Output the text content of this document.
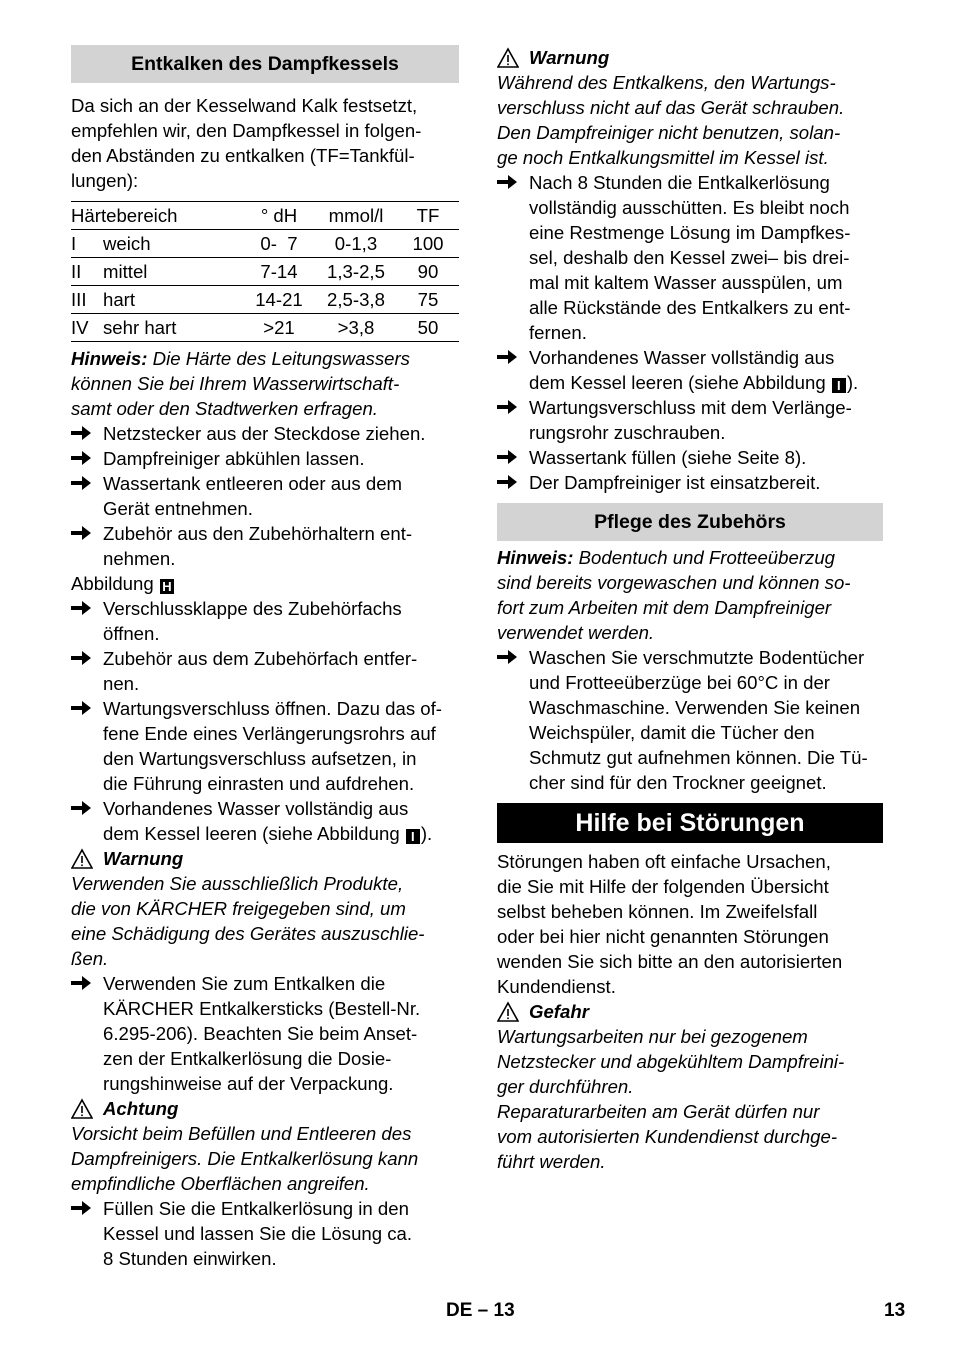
Entkalken des Dampfkessels

Da sich an der Kesselwand Kalk festsetzt,
empfehlen wir, den Dampfkessel in folgen-
den Abständen zu entkalken (TF=Tankfül-
lungen):

Härtebereich		° dH	mmol/l	TF
I	weich	0-  7	0-1,3	100
II	mittel	7-14	1,3-2,5	90
III	hart	14-21	2,5-3,8	75
IV	sehr hart	>21	>3,8	50

Hinweis: Die Härte des Leitungswassers
können Sie bei Ihrem Wasserwirtschaft-
samt oder den Stadtwerken erfragen.

Netzstecker aus der Steckdose ziehen.
Dampfreiniger abkühlen lassen.
Wassertank entleeren oder aus dem
Gerät entnehmen.
Zubehör aus den Zubehörhaltern ent-
nehmen.

Abbildung H

Verschlussklappe des Zubehörfachs
öffnen.
Zubehör aus dem Zubehörfach entfer-
nen.
Wartungsverschluss öffnen. Dazu das of-
fene Ende eines Verlängerungsrohrs auf
den Wartungsverschluss aufsetzen, in
die Führung einrasten und aufdrehen.
Vorhandenes Wasser vollständig aus
dem Kessel leeren (siehe Abbildung I ).
Warnung

Verwenden Sie ausschließlich Produkte,
die von KÄRCHER freigegeben sind, um
eine Schädigung des Gerätes auszuschlie-
ßen.

Verwenden Sie zum Entkalken die
KÄRCHER Entkalkersticks (Bestell-Nr.
6.295-206). Beachten Sie beim Anset-
zen der Entkalkerlösung die Dosie-
rungshinweise auf der Verpackung.
Achtung

Vorsicht beim Befüllen und Entleeren des
Dampfreinigers. Die Entkalkerlösung kann
empfindliche Oberflächen angreifen.

Füllen Sie die Entkalkerlösung in den
Kessel und lassen Sie die Lösung ca.
8 Stunden einwirken.
Warnung

Während des Entkalkens, den Wartungs-
verschluss nicht auf das Gerät schrauben.
Den Dampfreiniger nicht benutzen, solan-
ge noch Entkalkungsmittel im Kessel ist.

Nach 8 Stunden die Entkalkerlösung
vollständig ausschütten. Es bleibt noch
eine Restmenge Lösung im Dampfkes-
sel, deshalb den Kessel zwei– bis drei-
mal mit kaltem Wasser ausspülen, um
alle Rückstände des Entkalkers zu ent-
fernen.
Vorhandenes Wasser vollständig aus
dem Kessel leeren (siehe Abbildung I ).
Wartungsverschluss mit dem Verlänge-
rungsrohr zuschrauben.
Wassertank füllen (siehe Seite 8).
Der Dampfreiniger ist einsatzbereit.
Pflege des Zubehörs

Hinweis: Bodentuch und Frotteeüberzug
sind bereits vorgewaschen und können so-
fort zum Arbeiten mit dem Dampfreiniger
verwendet werden.

Waschen Sie verschmutzte Bodentücher
und Frotteeüberzüge bei 60°C in der
Waschmaschine. Verwenden Sie keinen
Weichspüler, damit die Tücher den
Schmutz gut aufnehmen können. Die Tü-
cher sind für den Trockner geeignet.
Hilfe bei Störungen

Störungen haben oft einfache Ursachen,
die Sie mit Hilfe der folgenden Übersicht
selbst beheben können. Im Zweifelsfall
oder bei hier nicht genannten Störungen
wenden Sie sich bitte an den autorisierten
Kundendienst.

Gefahr

Wartungsarbeiten nur bei gezogenem
Netzstecker und abgekühltem Dampfreini-
ger durchführen.
Reparaturarbeiten am Gerät dürfen nur
vom autorisierten Kundendienst durchge-
führt werden.

DE – 13	13
